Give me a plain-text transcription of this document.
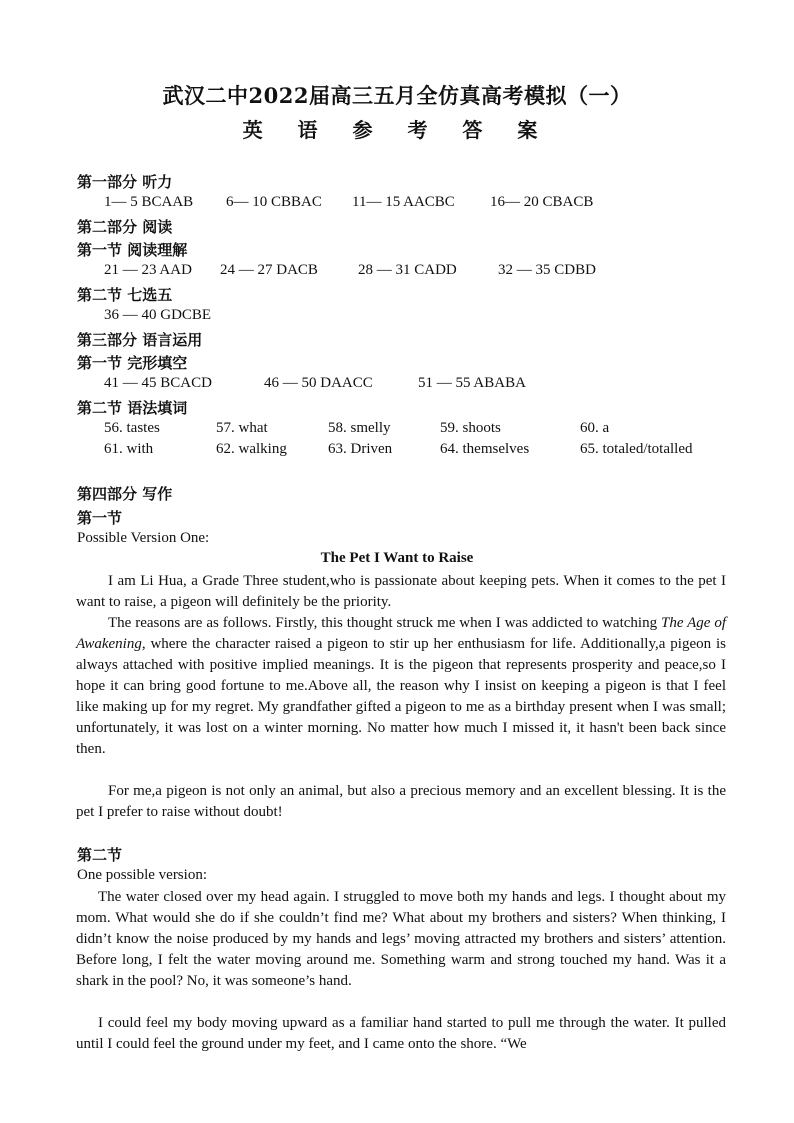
武汉二中2022届高三五月全仿真高考模拟（一）
英 语 参 考 答 案
第一部分 听力
1— 5 BCAAB 6— 10 CBBAC 11— 15 AACBC 16— 20 CBACB
第二部分 阅读
第一节 阅读理解
21 — 23 AAD 24 — 27 DACB	28 — 31 CADD	32 — 35 CDBD
第二节 七选五
36 — 40 GDCBE
第三部分 语言运用
第一节 完形填空
41 — 45 BCACD	46 — 50 DAACC	51 — 55 ABABA
第二节 语法填词
56. tastes	57. what	58. smelly	59. shoots	60. a
61. with	62. walking	63. Driven	64. themselves	65. totaled/totalled
第四部分 写作
第一节
Possible Version One:
The Pet I Want to Raise
I am Li Hua, a Grade Three student,who is passionate about keeping pets. When it comes to the pet I want to raise, a pigeon will definitely be the priority.
The reasons are as follows. Firstly, this thought struck me when I was addicted to watching The Age of Awakening, where the character raised a pigeon to stir up her enthusiasm for life. Additionally,a pigeon is always attached with positive implied meanings. It is the pigeon that represents prosperity and peace,so I hope it can bring good fortune to me.Above all, the reason why I insist on keeping a pigeon is that I feel like making up for my regret. My grandfather gifted a pigeon to me as a birthday present when I was small; unfortunately, it was lost on a winter morning. No matter how much I missed it, it hasn't been back since then.
For me,a pigeon is not only an animal, but also a precious memory and an excellent blessing. It is the pet I prefer to raise without doubt!
第二节
One possible version:
The water closed over my head again. I struggled to move both my hands and legs. I thought about my mom. What would she do if she couldn’t find me? What about my brothers and sisters? When thinking, I didn’t know the noise produced by my hands and legs’ moving attracted my brothers and sisters’ attention. Before long, I felt the water moving around me. Something warm and strong touched my hand. Was it a shark in the pool? No, it was someone’s hand.
I could feel my body moving upward as a familiar hand started to pull me through the water. It pulled until I could feel the ground under my feet, and I came onto the shore. “We
